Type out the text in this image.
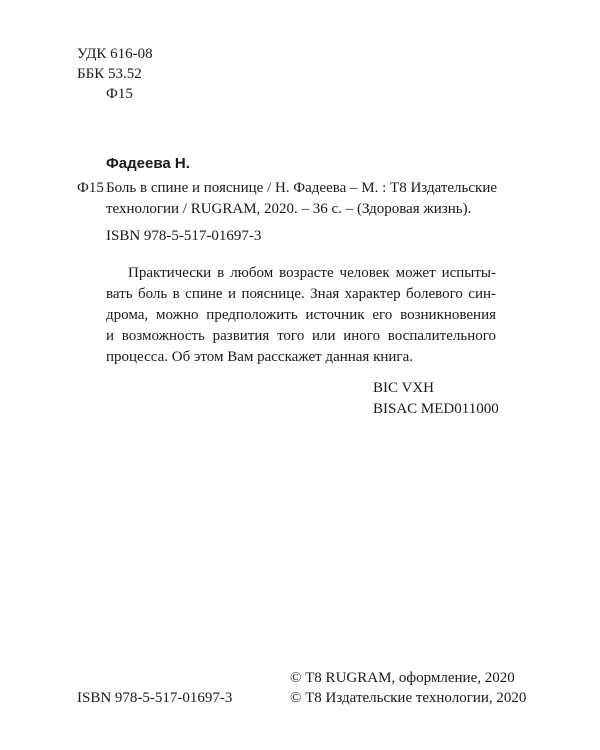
УДК 616-08
ББК 53.52
Ф15
Фадеева Н.
Ф15 Боль в спине и пояснице / Н. Фадеева – М. : Т8 Издательские
технологии / RUGRAM, 2020. – 36 с. – (Здоровая жизнь).
ISBN 978-5-517-01697-3
Практически в любом возрасте человек может испыты-
вать боль в спине и пояснице. Зная характер болевого син-
дрома, можно предположить источник его возникновения
и возможность развития того или иного воспалительного
процесса. Об этом Вам расскажет данная книга.
BIC VXH
BISAC MED011000
ISBN 978-5-517-01697-3
© Т8 RUGRAM, оформление, 2020
© Т8 Издательские технологии, 2020
